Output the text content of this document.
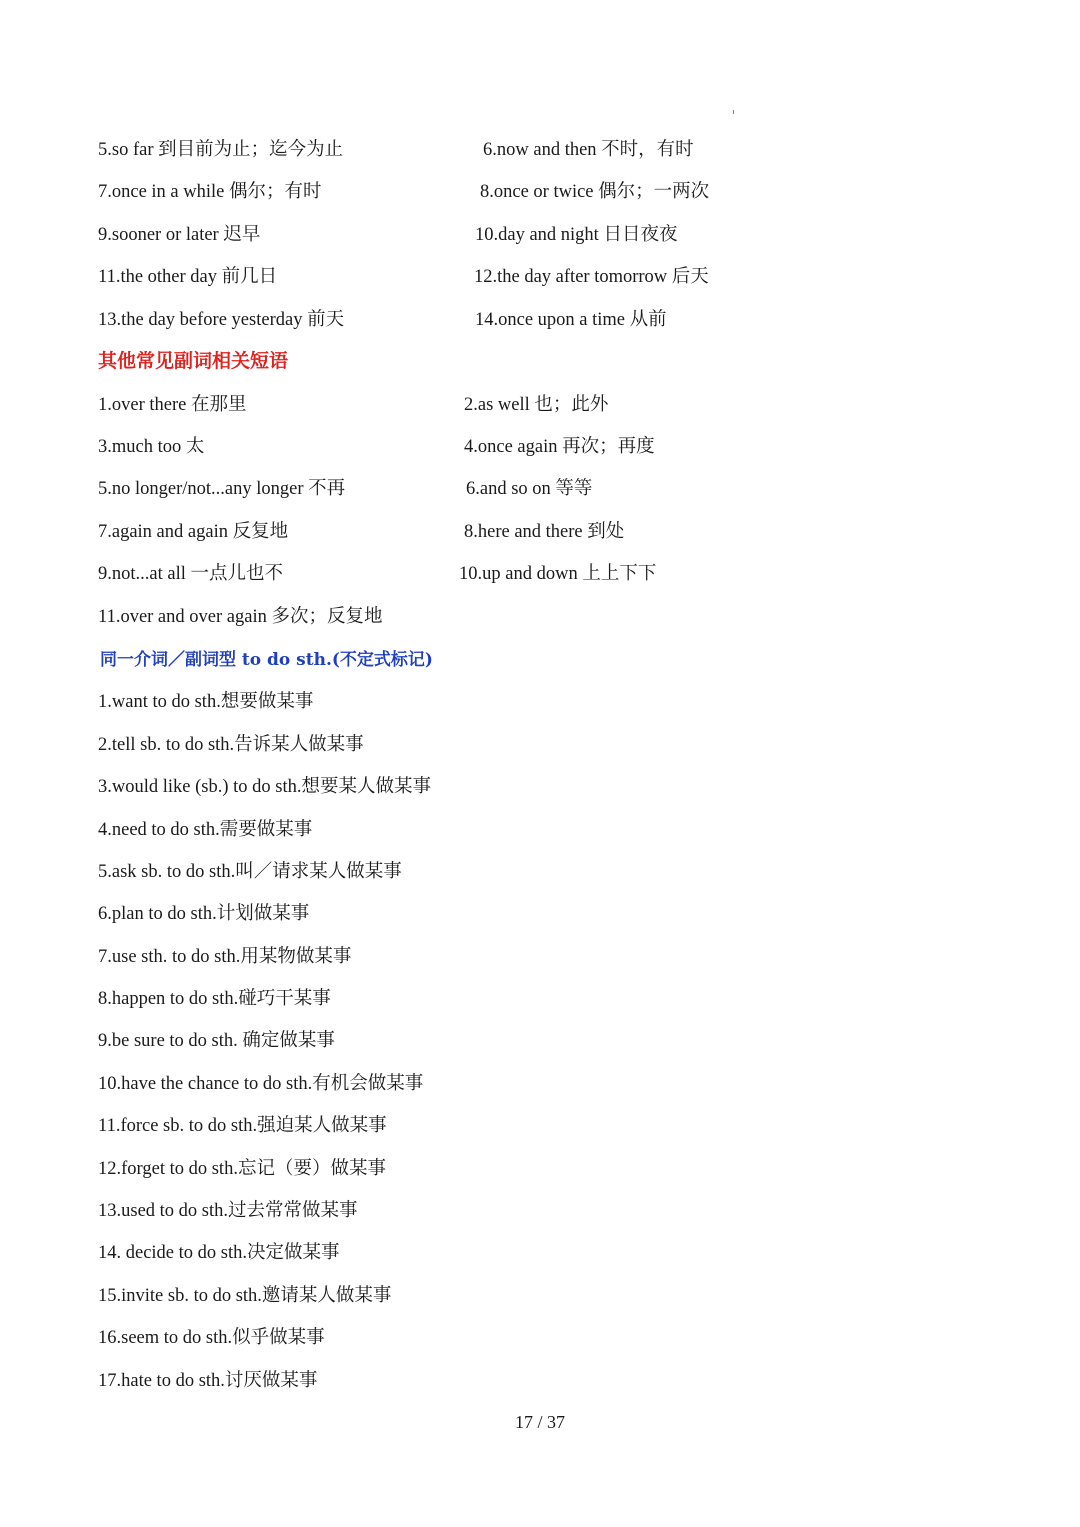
5.so far 到目前为止；迄今为止	6.now and then 不时，有时
7.once in a while 偶尔；有时	8.once or twice 偶尔；一两次
9.sooner or later 迟早	10.day and night 日日夜夜
11.the other day 前几日	12.the day after tomorrow 后天
13.the day before yesterday 前天	14.once upon a time 从前
其他常见副词相关短语
1.over there 在那里	2.as well 也；此外
3.much too 太	4.once again 再次；再度
5.no longer/not...any longer 不再	6.and so on 等等
7.again and again 反复地	8.here and there 到处
9.not...at all 一点儿也不	10.up and down 上上下下
11.over and over again 多次；反复地
同一介词／副词型 to do sth.(不定式标记)
1.want to do sth.想要做某事
2.tell sb. to do sth.告诉某人做某事
3.would like (sb.) to do sth.想要某人做某事
4.need to do sth.需要做某事
5.ask sb. to do sth.叫／请求某人做某事
6.plan to do sth.计划做某事
7.use sth. to do sth.用某物做某事
8.happen to do sth.碰巧干某事
9.be sure to do sth. 确定做某事
10.have the chance to do sth.有机会做某事
11.force sb. to do sth.强迫某人做某事
12.forget to do sth.忘记（要）做某事
13.used to do sth.过去常常做某事
14. decide to do sth.决定做某事
15.invite sb. to do sth.邀请某人做某事
16.seem to do sth.似乎做某事
17.hate to do sth.讨厌做某事
17 / 37
